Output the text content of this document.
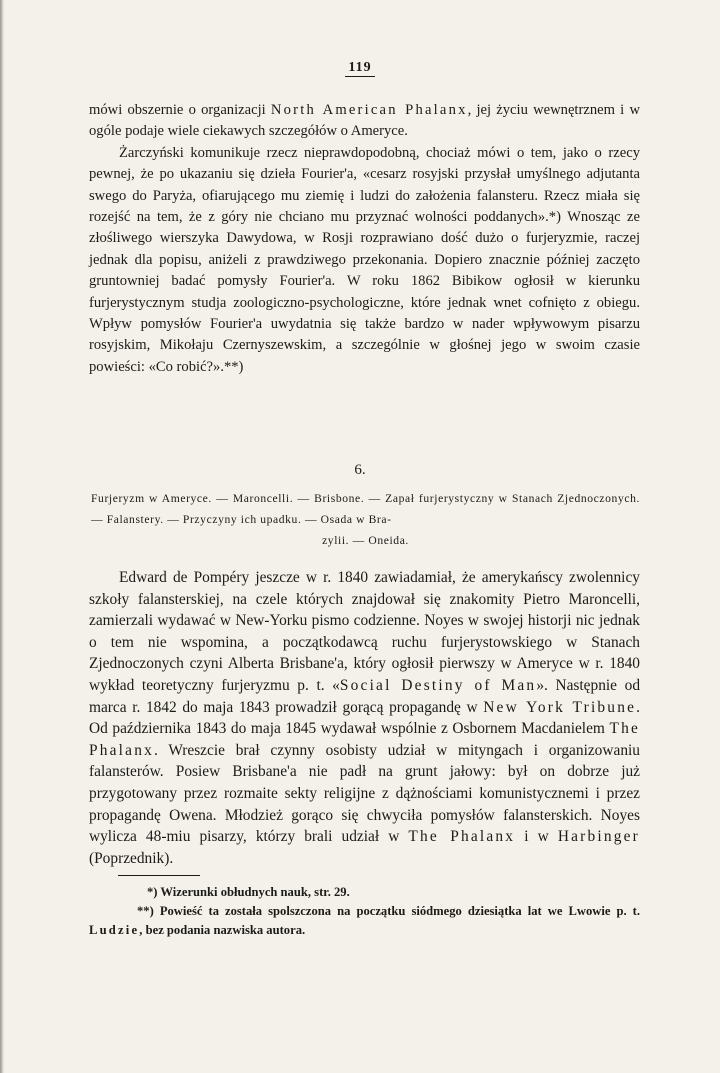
119

mówi obszernie o organizacji North American Phalanx, jej życiu wewnętrznem i w ogóle podaje wiele ciekawych szczegółów o Ameryce.

Żarczyński komunikuje rzecz nieprawdopodobną, chociaż mówi o tem, jako o rzecy pewnej, że po ukazaniu się dzieła Fourier'a, «cesarz rosyjski przysłał umyślnego adjutanta swego do Paryża, ofiarującego mu ziemię i ludzi do założenia falansteru. Rzecz miała się rozejść na tem, że z góry nie chciano mu przyznać wolności poddanych».*) Wnosząc ze złośliwego wierszyka Dawydowa, w Rosji rozprawiano dość dużo o furjeryzmie, raczej jednak dla popisu, aniżeli z prawdziwego przekonania. Dopiero znacznie później zaczęto gruntowniej badać pomysły Fourier'a. W roku 1862 Bibikow ogłosił w kierunku furjerystycznym studja zoologiczno-psychologiczne, które jednak wnet cofnięto z obiegu. Wpływ pomysłów Fourier'a uwydatnia się także bardzo w nader wpływowym pisarzu rosyjskim, Mikołaju Czernyszewskim, a szczególnie w głośnej jego w swoim czasie powieści: «Co robić?».**)

6.
Furjeryzm w Ameryce. — Maroncelli. — Brisbone. — Zapał furjerystyczny w Stanach Zjednoczonych. — Falanstery. — Przyczyny ich upadku. — Osada w Bra-
zylii. — Oneida.

Edward de Pompéry jeszcze w r. 1840 zawiadamiał, że amerykańscy zwolennicy szkoły falansterskiej, na czele których znajdował się znakomity Pietro Maroncelli, zamierzali wydawać w New-Yorku pismo codzienne. Noyes w swojej historji nic jednak o tem nie wspomina, a początkodawcą ruchu furjerystowskiego w Stanach Zjednoczonych czyni Alberta Brisbane'a, który ogłosił pierwszy w Ameryce w r. 1840 wykład teoretyczny furjeryzmu p. t. «Social Destiny of Man». Następnie od marca r. 1842 do maja 1843 prowadził gorącą propagandę w New York Tribune. Od października 1843 do maja 1845 wydawał wspólnie z Osbornem Macdanielem The Phalanx. Wreszcie brał czynny osobisty udział w mityngach i organizowaniu falansterów. Posiew Brisbane'a nie padł na grunt jałowy: był on dobrze już przygotowany przez rozmaite sekty religijne z dążnościami komunistycznemi i przez propagandę Owena. Młodzież gorąco się chwyciła pomysłów falansterskich. Noyes wylicza 48-miu pisarzy, którzy brali udział w The Phalanx i w Harbinger (Poprzednik).

*) Wizerunki obłudnych nauk, str. 29.

**) Powieść ta została spolszczona na początku siódmego dziesiątka lat we Lwowie p. t. Ludzie, bez podania nazwiska autora.
